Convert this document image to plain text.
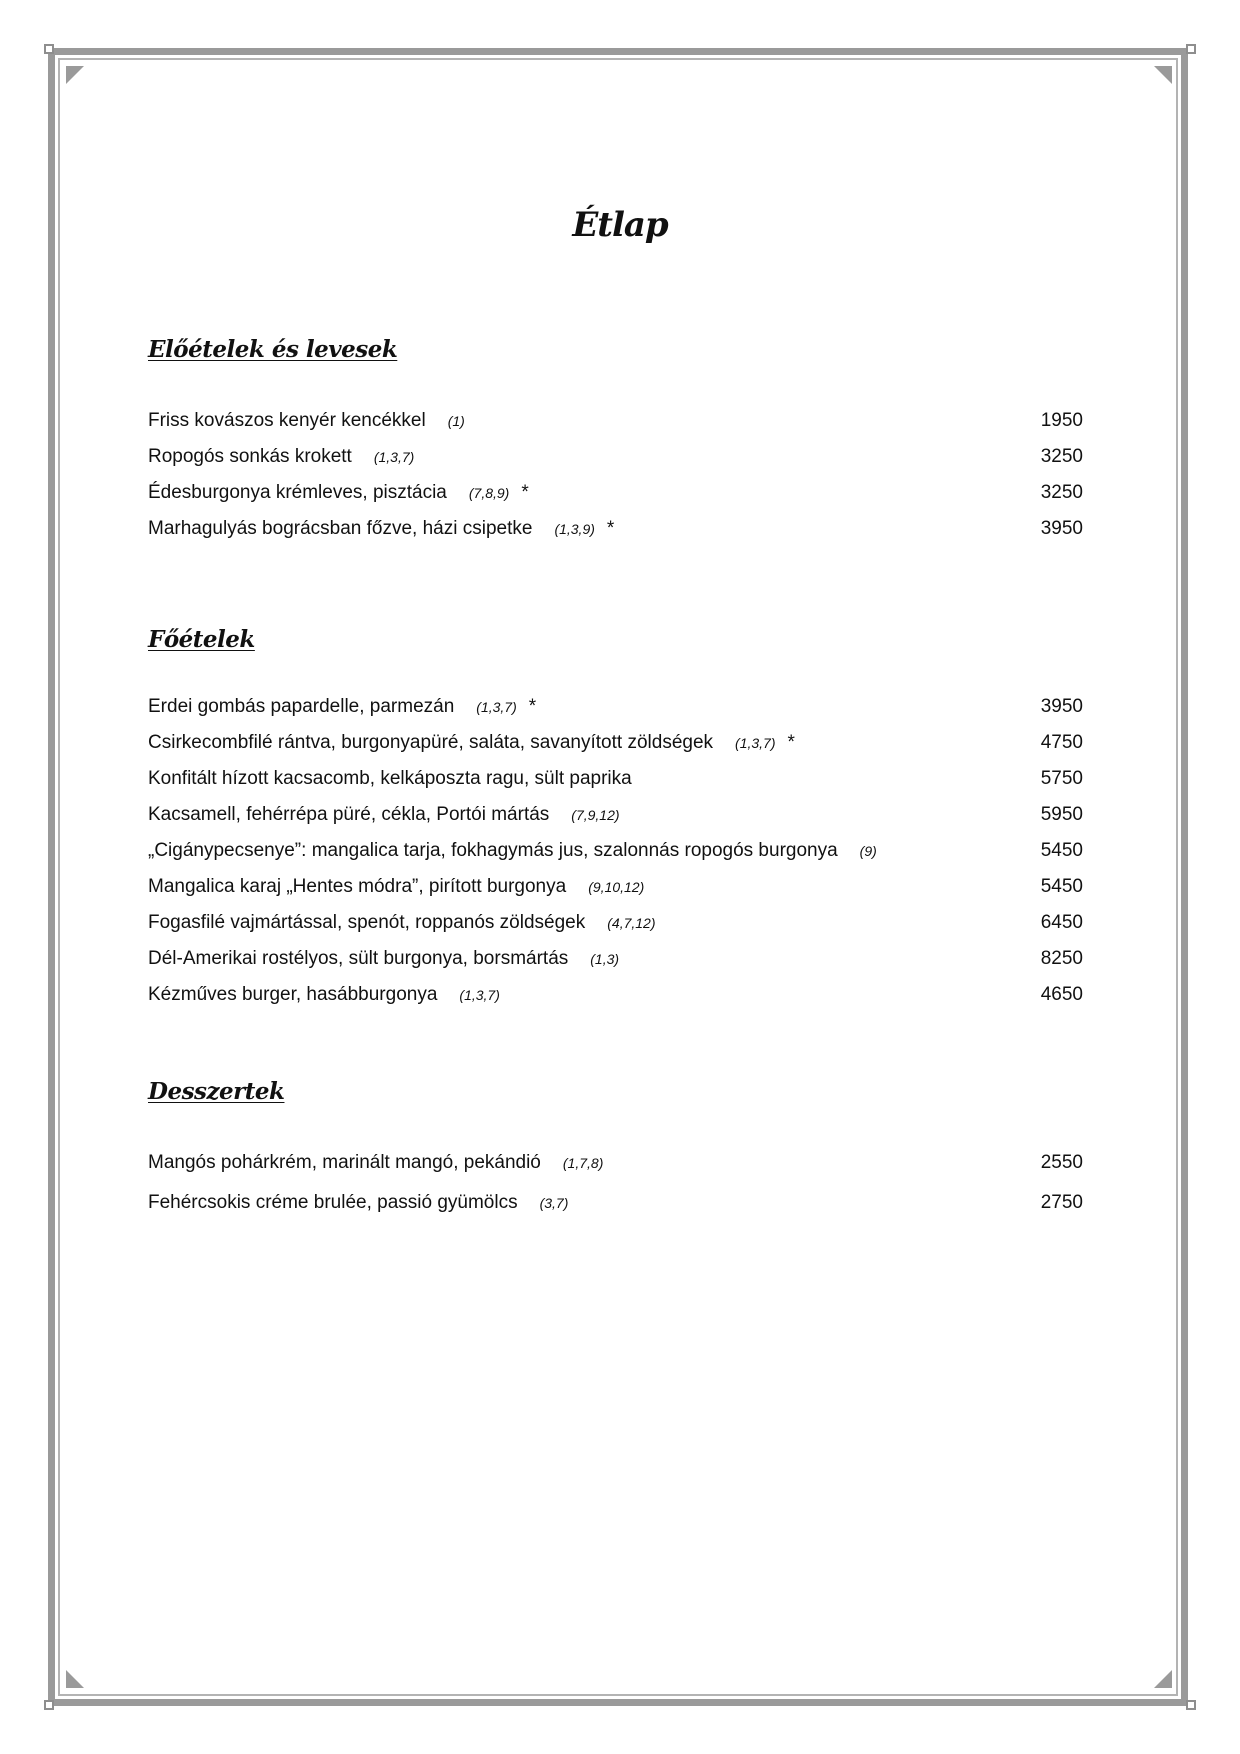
Étlap
Előételek és levesek
Friss kovászos kenyér kencékkel (1)	1950
Ropogós sonkás krokett (1,3,7)	3250
Édesburgonya krémleves, pisztácia (7,8,9) *	3250
Marhagulyás bográcsban főzve, házi csipetke (1,3,9) *	3950
Főételek
Erdei gombás papardelle, parmezán (1,3,7) *	3950
Csirkecombfilé rántva, burgonyapüré, saláta, savanyított zöldségek (1,3,7) *	4750
Konfitált hízott kacsacomb, kelkáposzta ragu, sült paprika	5750
Kacsamell, fehérrépa püré, cékla, Portói mártás (7,9,12)	5950
„Cigánypecsenye”: mangalica tarja, fokhagymás jus, szalonnás ropogós burgonya (9)	5450
Mangalica karaj „Hentes módra”, pirított burgonya (9,10,12)	5450
Fogasfilé vajmártással, spenót, roppanós zöldségek (4,7,12)	6450
Dél-Amerikai rostélyos, sült burgonya, borsmártás (1,3)	8250
Kézműves burger, hasábburgonya (1,3,7)	4650
Desszertek
Mangós pohárkrém, marinált mangó, pekándió (1,7,8)	2550
Fehércsokis créme brulée, passió gyümölcs (3,7)	2750
